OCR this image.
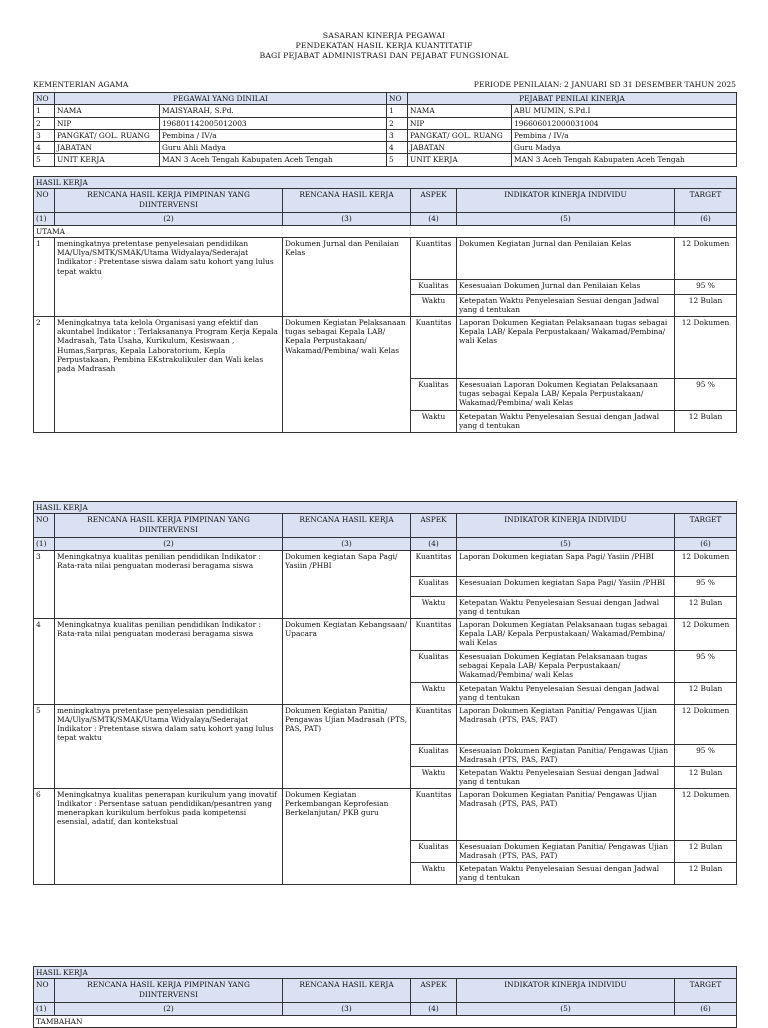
SASARAN KINERJA PEGAWAI
PENDEKATAN HASIL KERJA KUANTITATIF
BAGI PEJABAT ADMINISTRASI DAN PEJABAT FUNGSIONAL
KEMENTERIAN AGAMA	PERIODE PENILAIAN: 2 JANUARI SD 31 DESEMBER TAHUN 2025
NO	PEGAWAI YANG DINILAI		NO	PEJABAT PENILAI KINERJA	
1	NAMA	MAISYARAH, S.Pd.	1	NAMA	ABU MUMIN, S.Pd.I
2	NIP	196801142005012003	2	NIP	196606012000031004
3	PANGKAT/ GOL. RUANG	Pembina / IV/a	3	PANGKAT/ GOL. RUANG	Pembina / IV/a
4	JABATAN	Guru Ahli Madya	4	JABATAN	Guru Madya
5	UNIT KERJA	MAN 3 Aceh Tengah Kabupaten Aceh Tengah	5	UNIT KERJA	MAN 3 Aceh Tengah Kabupaten Aceh Tengah
HASIL KERJA					
NO	RENCANA HASIL KERJA PIMPINAN YANG DIINTERVENSI	RENCANA HASIL KERJA	ASPEK	INDIKATOR KINERJA INDIVIDU	TARGET
(1)	(2)	(3)	(4)	(5)	(6)
UTAMA					
1	meningkatnya pretentase penyelesaian pendidikan MA/Ulya/SMTK/SMAK/Utama Widyalaya/Sederajat Indikator : Pretentase siswa dalam satu kohort yang lulus tepat waktu	Dokumen Jurnal dan Penilaian Kelas	Kuantitas	Dokumen Kegiatan Jurnal dan Penilaian Kelas	12 Dokumen
			Kualitas	Kesesuaian Dokumen Jurnal dan Penilaian Kelas	95 %
			Waktu	Ketepatan Waktu Penyelesaian Sesuai dengan Jadwal yang d tentukan	12 Bulan
2	Meningkatnya tata kelola Organisasi yang efektif dan akuntabel Indikator : Terlaksananya Program Kerja Kepala Madrasah, Tata Usaha, Kurikulum, Kesiswaan , Humas,Sarpras, Kepala Laboratorium, Kepla Perpustakaan, Pembina EKstrakulikuler dan Wali kelas pada Madrasah	Dokumen Kegiatan Pelaksanaan tugas sebagai Kepala LAB/ Kepala Perpustakaan/ Wakamad/Pembina/ wali Kelas	Kuantitas	Laporan Dokumen Kegiatan Pelaksanaan tugas sebagai Kepala LAB/ Kepala Perpustakaan/ Wakamad/Pembina/ wali Kelas	12 Dokumen
			Kualitas	Kesesuaian Laporan Dokumen Kegiatan Pelaksanaan tugas sebagai Kepala LAB/ Kepala Perpustakaan/ Wakamad/Pembina/ wali Kelas	95 %
			Waktu	Ketepatan Waktu Penyelesaian Sesuai dengan Jadwal yang d tentukan	12 Bulan
HASIL KERJA					
NO	RENCANA HASIL KERJA PIMPINAN YANG DIINTERVENSI	RENCANA HASIL KERJA	ASPEK	INDIKATOR KINERJA INDIVIDU	TARGET
(1)	(2)	(3)	(4)	(5)	(6)
3	Meningkatnya kualitas penilian pendidikan Indikator : Rata-rata nilai penguatan moderasi beragama siswa	Dokumen kegiatan Sapa Pagi/ Yasiin /PHBI	Kuantitas	Laporan Dokumen kegiatan Sapa Pagi/ Yasiin /PHBI	12 Dokumen
			Kualitas	Kesesuaian Dokumen kegiatan Sapa Pagi/ Yasiin /PHBI	95 %
			Waktu	Ketepatan Waktu Penyelesaian Sesuai dengan Jadwal yang d tentukan	12 Bulan
4	Meningkatnya kualitas penilian pendidikan Indikator : Rata-rata nilai penguatan moderasi beragama siswa	Dokumen Kegiatan Kebangsaan/ Upacara	Kuantitas	Laporan Dokumen Kegiatan Pelaksanaan tugas sebagai Kepala LAB/ Kepala Perpustakaan/ Wakamad/Pembina/ wali Kelas	12 Dokumen
			Kualitas	Kesesuaian Dokumen Kegiatan Pelaksanaan tugas sebagai Kepala LAB/ Kepala Perpustakaan/ Wakamad/Pembina/ wali Kelas	95 %
			Waktu	Ketepatan Waktu Penyelesaian Sesuai dengan Jadwal yang d tentukan	12 Bulan
5	meningkatnya pretentase penyelesaian pendidikan MA/Ulya/SMTK/SMAK/Utama Widyalaya/Sederajat Indikator : Pretentase siswa dalam satu kohort yang lulus tepat waktu	Dokumen Kegiatan Panitia/ Pengawas Ujian Madrasah (PTS, PAS, PAT)	Kuantitas	Laporan Dokumen Kegiatan Panitia/ Pengawas Ujian Madrasah (PTS, PAS, PAT)	12 Dokumen
			Kualitas	Kesesuaian Dokumen Kegiatan Panitia/ Pengawas Ujian Madrasah (PTS, PAS, PAT)	95 %
			Waktu	Ketepatan Waktu Penyelesaian Sesuai dengan Jadwal yang d tentukan	12 Bulan
6	Meningkatnya kualitas penerapan kurikulum yang inovatif Indikator : Persentase satuan pendidikan/pesantren yang menerapkan kurikulum berfokus pada kompetensi esensial, adatif, dan kontekstual	Dokumen Kegiatan Perkembangan Keprofesian Berkelanjutan/ PKB guru	Kuantitas	Laporan Dokumen Kegiatan Panitia/ Pengawas Ujian Madrasah (PTS, PAS, PAT)	12 Dokumen
			Kualitas	Kesesuaian Dokumen Kegiatan Panitia/ Pengawas Ujian Madrasah (PTS, PAS, PAT)	12 Bulan
			Waktu	Ketepatan Waktu Penyelesaian Sesuai dengan Jadwal yang d tentukan	12 Bulan
HASIL KERJA					
NO	RENCANA HASIL KERJA PIMPINAN YANG DIINTERVENSI	RENCANA HASIL KERJA	ASPEK	INDIKATOR KINERJA INDIVIDU	TARGET
(1)	(2)	(3)	(4)	(5)	(6)
TAMBAHAN					
